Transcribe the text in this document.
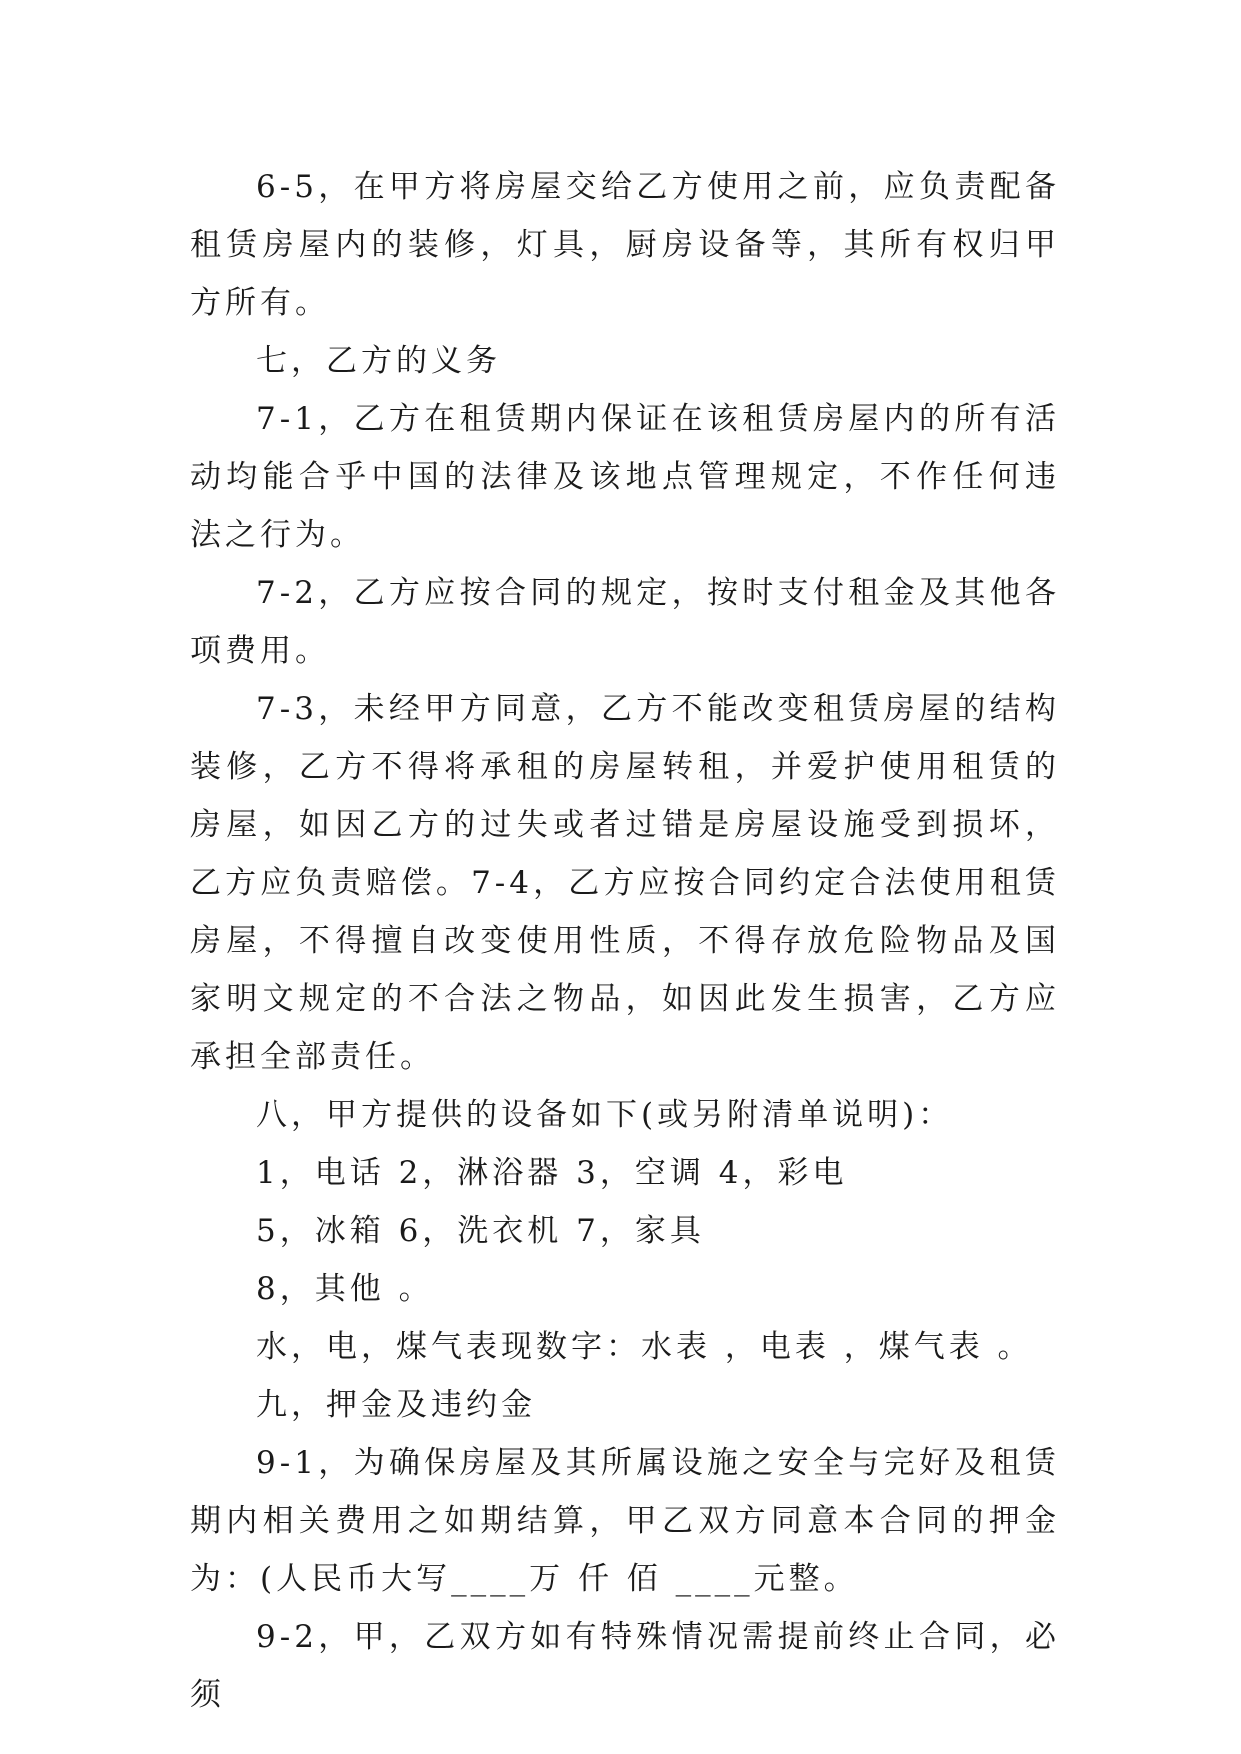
6-5，在甲方将房屋交给乙方使用之前，应负责配备租赁房屋内的装修，灯具，厨房设备等，其所有权归甲方所有。

七，乙方的义务

7-1，乙方在租赁期内保证在该租赁房屋内的所有活动均能合乎中国的法律及该地点管理规定，不作任何违法之行为。

7-2，乙方应按合同的规定，按时支付租金及其他各项费用。

7-3，未经甲方同意，乙方不能改变租赁房屋的结构装修，乙方不得将承租的房屋转租，并爱护使用租赁的房屋，如因乙方的过失或者过错是房屋设施受到损坏，乙方应负责赔偿。7-4，乙方应按合同约定合法使用租赁房屋，不得擅自改变使用性质，不得存放危险物品及国家明文规定的不合法之物品，如因此发生损害，乙方应承担全部责任。

八，甲方提供的设备如下(或另附清单说明)：

1，电话 2，淋浴器 3，空调 4，彩电

5，冰箱 6，洗衣机 7，家具

8，其他 。

水，电，煤气表现数字：水表 ，电表 ，煤气表 。

九，押金及违约金

9-1，为确保房屋及其所属设施之安全与完好及租赁期内相关费用之如期结算，甲乙双方同意本合同的押金为：(人民币大写____万 仟 佰 ____元整。

9-2，甲，乙双方如有特殊情况需提前终止合同，必须
